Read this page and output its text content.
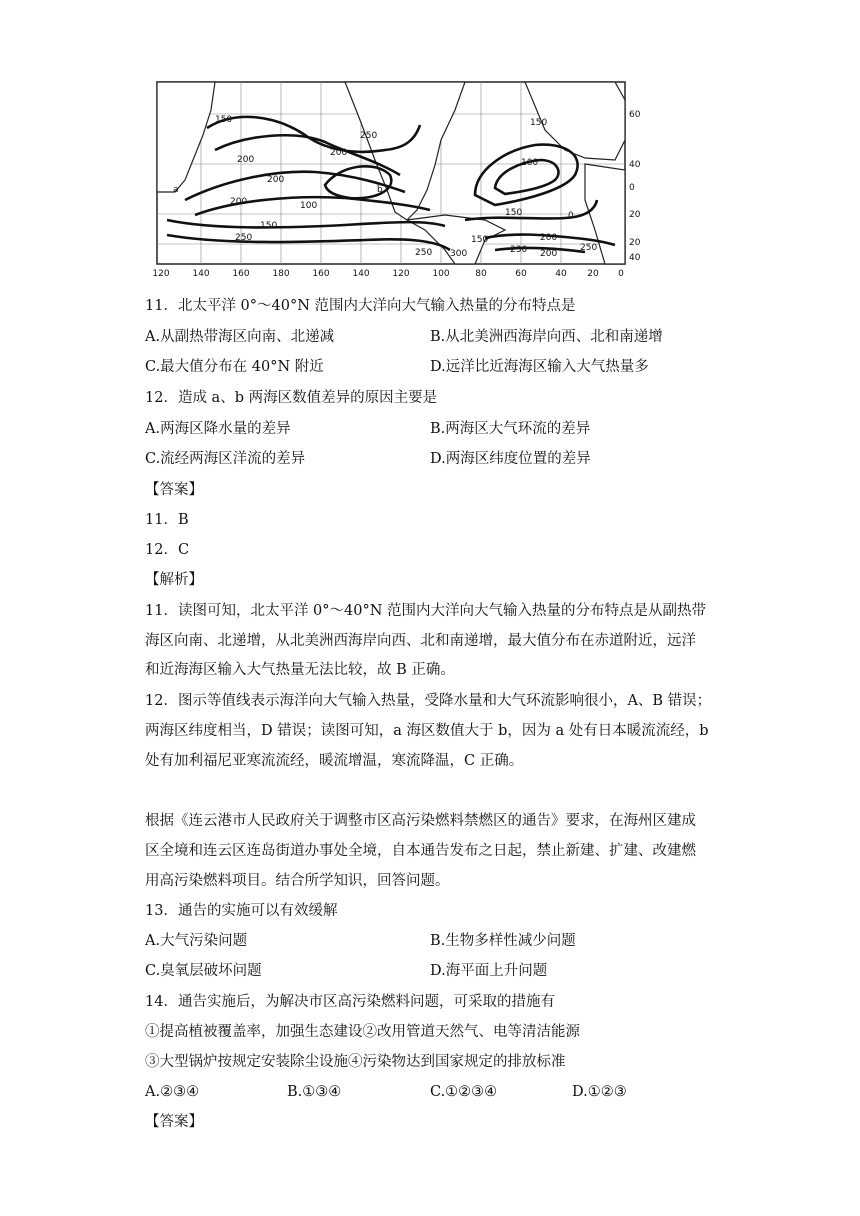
150
200
250
100
200
150
150
100
0
150	200
150
230
300	200
250
250
200
250
200
a	b
120	140	160	180	160	140	120	100	80	60	40 20 0
60
40
20
0
20
40
11．北太平洋 0°～40°N 范围内大洋向大气输入热量的分布特点是
A.从副热带海区向南、北递减	B.从北美洲西海岸向西、北和南递增
C.最大值分布在 40°N 附近	D.远洋比近海海区输入大气热量多
12．造成 a、b 两海区数值差异的原因主要是
A.两海区降水量的差异	B.两海区大气环流的差异
C.流经两海区洋流的差异	D.两海区纬度位置的差异
【答案】
11．B
12．C
【解析】
11．读图可知，北太平洋 0°～40°N 范围内大洋向大气输入热量的分布特点是从副热带
海区向南、北递增，从北美洲西海岸向西、北和南递增，最大值分布在赤道附近，远洋
和近海海区输入大气热量无法比较，故 B 正确。
12．图示等值线表示海洋向大气输入热量，受降水量和大气环流影响很小，A、B 错误；
两海区纬度相当，D 错误；读图可知，a 海区数值大于 b，因为 a 处有日本暖流流经，b
处有加利福尼亚寒流流经，暖流增温，寒流降温，C 正确。
根据《连云港市人民政府关于调整市区高污染燃料禁燃区的通告》要求，在海州区建成
区全境和连云区连岛街道办事处全境，自本通告发布之日起，禁止新建、扩建、改建燃
用高污染燃料项目。结合所学知识，回答问题。
13．通告的实施可以有效缓解
A.大气污染问题	B.生物多样性减少问题
C.臭氧层破坏问题	D.海平面上升问题
14．通告实施后，为解决市区高污染燃料问题，可采取的措施有
①提高植被覆盖率，加强生态建设②改用管道天然气、电等清洁能源
③大型锅炉按规定安装除尘设施④污染物达到国家规定的排放标准
A.②③④	B.①③④	C.①②③④	D.①②③
【答案】
